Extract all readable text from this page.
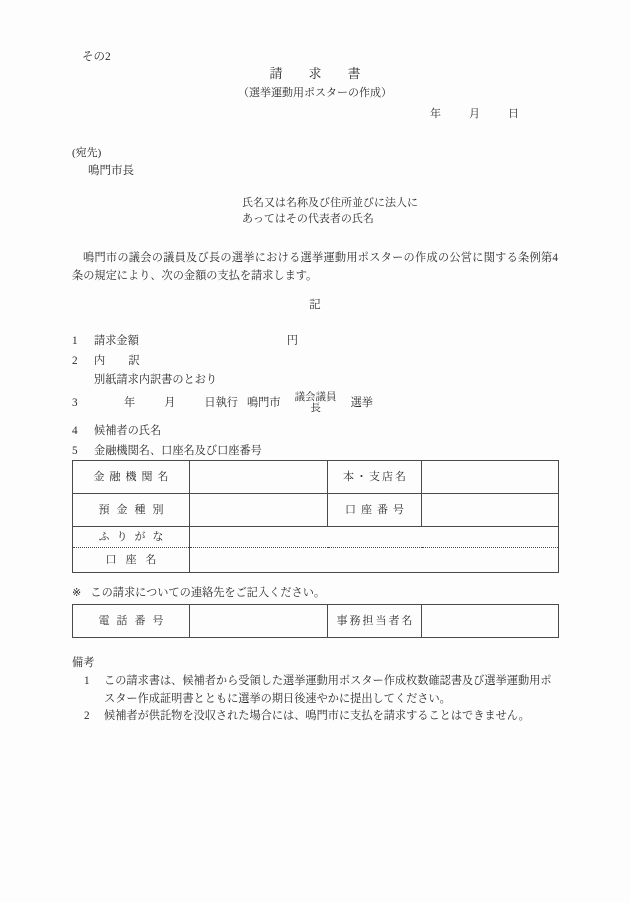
その2
請求書
（選挙運動用ポスターの作成）
年 月 日
(宛先)
鳴門市長
氏名又は名称及び住所並びに法人に
あってはその代表者の氏名
鳴門市の議会の議員及び長の選挙における選挙運動用ポスターの作成の公営に関する条例第4条の規定により、次の金額の支払を請求します。
記
1 請求金額	円
2 内　訳
別紙請求内訳書のとおり
3	年	月	日執行 鳴門市 議会議員
長	選挙
4 候補者の氏名
5 金融機関名、口座名及び口座番号
金融機関名		本・支店名	
預金種別		口座番号	
ふりがな			
口座名			
※ この請求についての連絡先をご記入ください。
電話番号		事務担当者名	
備考
1	この請求書は、候補者から受領した選挙運動用ポスター作成枚数確認書及び選挙運動用ポスター作成証明書とともに選挙の期日後速やかに提出してください。
2	候補者が供託物を没収された場合には、鳴門市に支払を請求することはできません。
